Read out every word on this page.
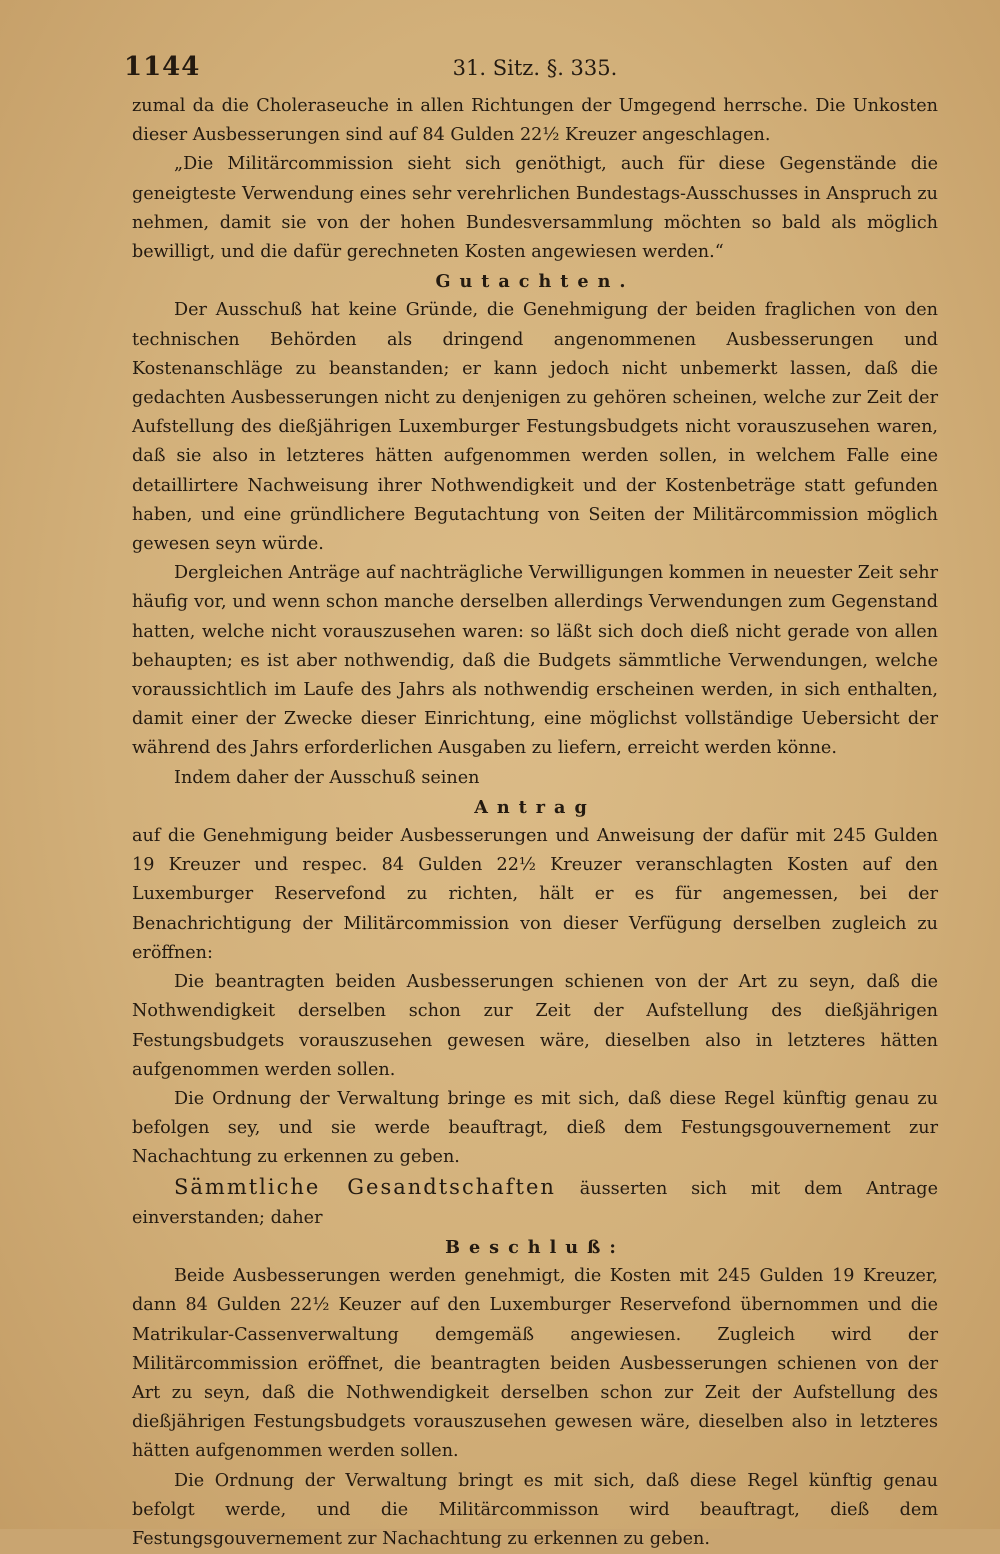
1144	31. Sitz. §. 335.

zumal da die Choleraseuche in allen Richtungen der Umgegend herrsche. Die Unkosten dieser Ausbesserungen sind auf 84 Gulden 22½ Kreuzer angeschlagen.

„Die Militärcommission sieht sich genöthigt, auch für diese Gegenstände die geneigteste Verwendung eines sehr verehrlichen Bundestags-Ausschusses in Anspruch zu nehmen, damit sie von der hohen Bundesversammlung möchten so bald als möglich bewilligt, und die dafür gerechneten Kosten angewiesen werden.“

Gutachten.

Der Ausschuß hat keine Gründe, die Genehmigung der beiden fraglichen von den technischen Behörden als dringend angenommenen Ausbesserungen und Kostenanschläge zu beanstanden; er kann jedoch nicht unbemerkt lassen, daß die gedachten Ausbesserungen nicht zu denjenigen zu gehören scheinen, welche zur Zeit der Aufstellung des dießjährigen Luxemburger Festungsbudgets nicht vorauszusehen waren, daß sie also in letzteres hätten aufgenommen werden sollen, in welchem Falle eine detaillirtere Nachweisung ihrer Nothwendigkeit und der Kostenbeträge statt gefunden haben, und eine gründlichere Begutachtung von Seiten der Militärcommission möglich gewesen seyn würde.

Dergleichen Anträge auf nachträgliche Verwilligungen kommen in neuester Zeit sehr häufig vor, und wenn schon manche derselben allerdings Verwendungen zum Gegenstand hatten, welche nicht vorauszusehen waren: so läßt sich doch dieß nicht gerade von allen behaupten; es ist aber nothwendig, daß die Budgets sämmtliche Verwendungen, welche voraussichtlich im Laufe des Jahrs als nothwendig erscheinen werden, in sich enthalten, damit einer der Zwecke dieser Einrichtung, eine möglichst vollständige Uebersicht der während des Jahrs erforderlichen Ausgaben zu liefern, erreicht werden könne.

Indem daher der Ausschuß seinen

Antrag

auf die Genehmigung beider Ausbesserungen und Anweisung der dafür mit 245 Gulden 19 Kreuzer und respec. 84 Gulden 22½ Kreuzer veranschlagten Kosten auf den Luxemburger Reservefond zu richten, hält er es für angemessen, bei der Benachrichtigung der Militärcommission von dieser Verfügung derselben zugleich zu eröffnen:

Die beantragten beiden Ausbesserungen schienen von der Art zu seyn, daß die Nothwendigkeit derselben schon zur Zeit der Aufstellung des dießjährigen Festungsbudgets vorauszusehen gewesen wäre, dieselben also in letzteres hätten aufgenommen werden sollen.

Die Ordnung der Verwaltung bringe es mit sich, daß diese Regel künftig genau zu befolgen sey, und sie werde beauftragt, dieß dem Festungsgouvernement zur Nachachtung zu erkennen zu geben.

Sämmtliche Gesandtschaften äusserten sich mit dem Antrage einverstanden; daher

Beschluß:

Beide Ausbesserungen werden genehmigt, die Kosten mit 245 Gulden 19 Kreuzer, dann 84 Gulden 22½ Keuzer auf den Luxemburger Reservefond übernommen und die Matrikular-Cassenverwaltung demgemäß angewiesen. Zugleich wird der Militärcommission eröffnet, die beantragten beiden Ausbesserungen schienen von der Art zu seyn, daß die Nothwendigkeit derselben schon zur Zeit der Aufstellung des dießjährigen Festungsbudgets vorauszusehen gewesen wäre, dieselben also in letzteres hätten aufgenommen werden sollen.

Die Ordnung der Verwaltung bringt es mit sich, daß diese Regel künftig genau befolgt werde, und die Militärcommisson wird beauftragt, dieß dem Festungsgouvernement zur Nachachtung zu erkennen zu geben.
